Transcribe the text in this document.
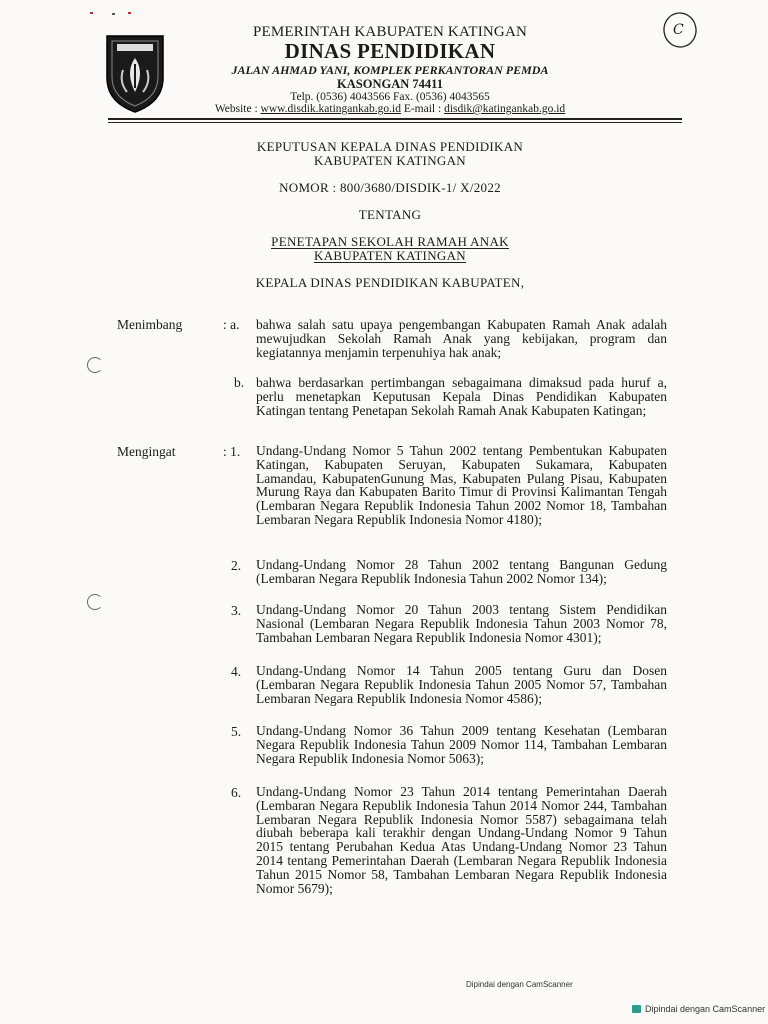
PEMERINTAH KABUPATEN KATINGAN
DINAS PENDIDIKAN
JALAN AHMAD YANI, KOMPLEK PERKANTORAN PEMDA
KASONGAN 74411
Telp. (0536) 4043566 Fax. (0536) 4043565
Website : www.disdik.katingankab.go.id E-mail : disdik@katingankab.go.id
C
KEPUTUSAN KEPALA DINAS PENDIDIKAN
KABUPATEN KATINGAN
NOMOR : 800/3680/DISDIK-1/ X/2022
TENTANG
PENETAPAN SEKOLAH RAMAH ANAK
KABUPATEN KATINGAN
KEPALA DINAS PENDIDIKAN KABUPATEN,
Menimbang	: a. bahwa salah satu upaya pengembangan Kabupaten Ramah Anak adalah mewujudkan Sekolah Ramah Anak yang kebijakan, program dan kegiatannya menjamin terpenuhiya hak anak;
b. bahwa berdasarkan pertimbangan sebagaimana dimaksud pada huruf a, perlu menetapkan Keputusan Kepala Dinas Pendidikan Kabupaten Katingan tentang Penetapan Sekolah Ramah Anak Kabupaten Katingan;
Mengingat	: 1. Undang-Undang Nomor 5 Tahun 2002 tentang Pembentukan Kabupaten Katingan, Kabupaten Seruyan, Kabupaten Sukamara, Kabupaten Lamandau, KabupatenGunung Mas, Kabupaten Pulang Pisau, Kabupaten Murung Raya dan Kabupaten Barito Timur di Provinsi Kalimantan Tengah (Lembaran Negara Republik Indonesia Tahun 2002 Nomor 18, Tambahan Lembaran Negara Republik Indonesia Nomor 4180);
2. Undang-Undang Nomor 28 Tahun 2002 tentang Bangunan Gedung (Lembaran Negara Republik Indonesia Tahun 2002 Nomor 134);
3. Undang-Undang Nomor 20 Tahun 2003 tentang Sistem Pendidikan Nasional (Lembaran Negara Republik Indonesia Tahun 2003 Nomor 78, Tambahan Lembaran Negara Republik Indonesia Nomor 4301);
4. Undang-Undang Nomor 14 Tahun 2005 tentang Guru dan Dosen (Lembaran Negara Republik Indonesia Tahun 2005 Nomor 57, Tambahan Lembaran Negara Republik Indonesia Nomor 4586);
5. Undang-Undang Nomor 36 Tahun 2009 tentang Kesehatan (Lembaran Negara Republik Indonesia Tahun 2009 Nomor 114, Tambahan Lembaran Negara Republik Indonesia Nomor 5063);
6. Undang-Undang Nomor 23 Tahun 2014 tentang Pemerintahan Daerah (Lembaran Negara Republik Indonesia Tahun 2014 Nomor 244, Tambahan Lembaran Negara Republik Indonesia Nomor 5587) sebagaimana telah diubah beberapa kali terakhir dengan Undang-Undang Nomor 9 Tahun 2015 tentang Perubahan Kedua Atas Undang-Undang Nomor 23 Tahun 2014 tentang Pemerintahan Daerah (Lembaran Negara Republik Indonesia Tahun 2015 Nomor 58, Tambahan Lembaran Negara Republik Indonesia Nomor 5679);
Dipindai dengan CamScanner
Dipindai dengan CamScanner
